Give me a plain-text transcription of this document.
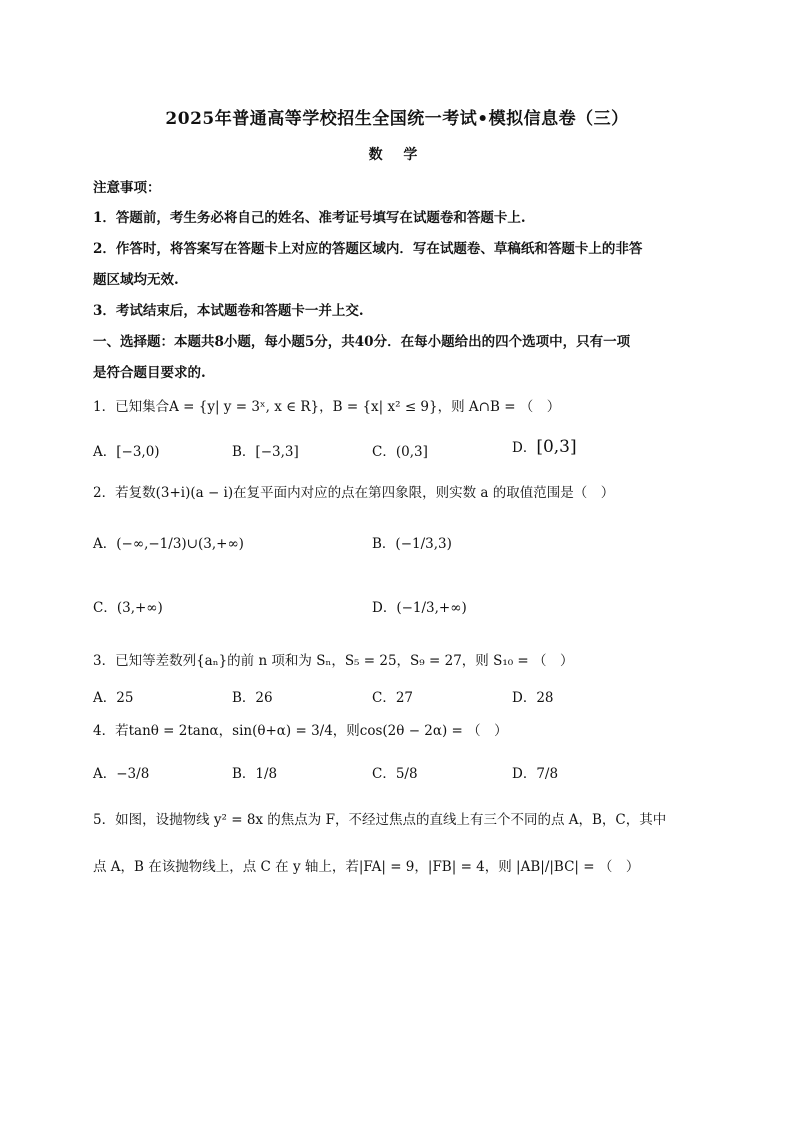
2025年普通高等学校招生全国统一考试•模拟信息卷（三）
数 学
注意事项：
1．答题前，考生务必将自己的姓名、准考证号填写在试题卷和答题卡上.
2．作答时，将答案写在答题卡上对应的答题区域内．写在试题卷、草稿纸和答题卡上的非答
题区域均无效.
3．考试结束后，本试题卷和答题卡一并上交.
一、选择题：本题共8小题，每小题5分，共40分．在每小题给出的四个选项中，只有一项
是符合题目要求的.
1．已知集合A = {y| y = 3ˣ, x ∈ R}，B = {x| x² ≤ 9}，则 A∩B = （　）
A．[−3,0)	B．[−3,3]	C．(0,3]	D．[0,3]
2．若复数(3+i)(a − i)在复平面内对应的点在第四象限，则实数 a 的取值范围是（　）
A．(−∞,−1/3)∪(3,+∞)	B．(−1/3,3)
C．(3,+∞)	D．(−1/3,+∞)
3．已知等差数列{aₙ}的前 n 项和为 Sₙ，S₅ = 25，S₉ = 27，则 S₁₀ = （　）
A．25	B．26	C．27	D．28
4．若tanθ = 2tanα，sin(θ+α) = 3/4，则cos(2θ − 2α) = （　）
A．−3/8	B．1/8	C．5/8	D．7/8
5．如图，设抛物线 y² = 8x 的焦点为 F，不经过焦点的直线上有三个不同的点 A，B，C，其中
点 A，B 在该抛物线上，点 C 在 y 轴上，若|FA| = 9，|FB| = 4，则 |AB|/|BC| = （　）
